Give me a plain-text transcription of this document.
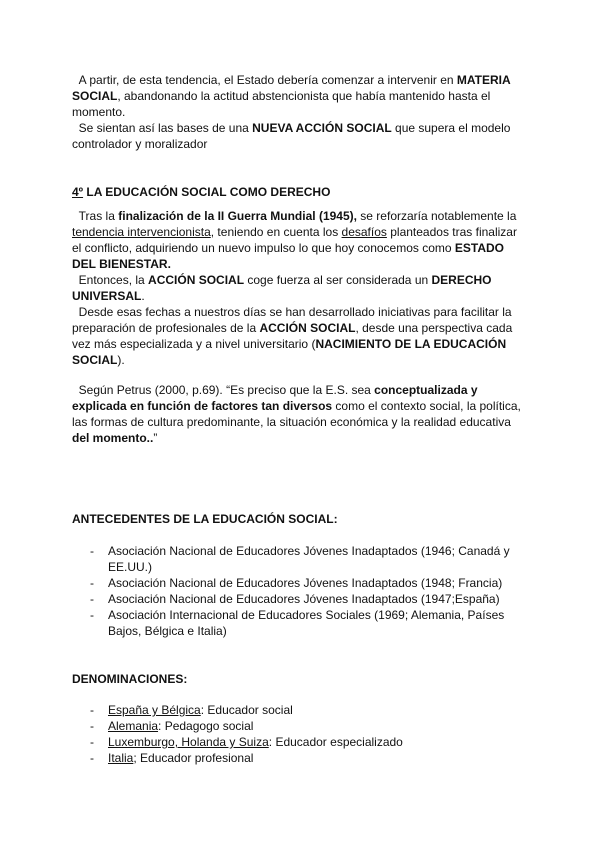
A partir, de esta tendencia, el Estado debería comenzar a intervenir en MATERIA SOCIAL, abandonando la actitud abstencionista que había mantenido hasta el momento.

Se sientan así las bases de una NUEVA ACCIÓN SOCIAL que supera el modelo controlador y moralizador

4º LA EDUCACIÓN SOCIAL COMO DERECHO

Tras la finalización de la II Guerra Mundial (1945), se reforzaría notablemente la tendencia intervencionista, teniendo en cuenta los desafíos planteados tras finalizar el conflicto, adquiriendo un nuevo impulso lo que hoy conocemos como ESTADO DEL BIENESTAR.

Entonces, la ACCIÓN SOCIAL coge fuerza al ser considerada un DERECHO UNIVERSAL.

Desde esas fechas a nuestros días se han desarrollado iniciativas para facilitar la preparación de profesionales de la ACCIÓN SOCIAL, desde una perspectiva cada vez más especializada y a nivel universitario (NACIMIENTO DE LA EDUCACIÓN SOCIAL).

Según Petrus (2000, p.69). “Es preciso que la E.S. sea conceptualizada y explicada en función de factores tan diversos como el contexto social, la política, las formas de cultura predominante, la situación económica y la realidad educativa del momento..”

ANTECEDENTES DE LA EDUCACIÓN SOCIAL:

- Asociación Nacional de Educadores Jóvenes Inadaptados (1946; Canadá y EE.UU.)
- Asociación Nacional de Educadores Jóvenes Inadaptados (1948; Francia)
- Asociación Nacional de Educadores Jóvenes Inadaptados (1947;España)
- Asociación Internacional de Educadores Sociales (1969; Alemania, Países Bajos, Bélgica e Italia)

DENOMINACIONES:

- España y Bélgica: Educador social
- Alemania: Pedagogo social
- Luxemburgo, Holanda y Suiza: Educador especializado
- Italia; Educador profesional
